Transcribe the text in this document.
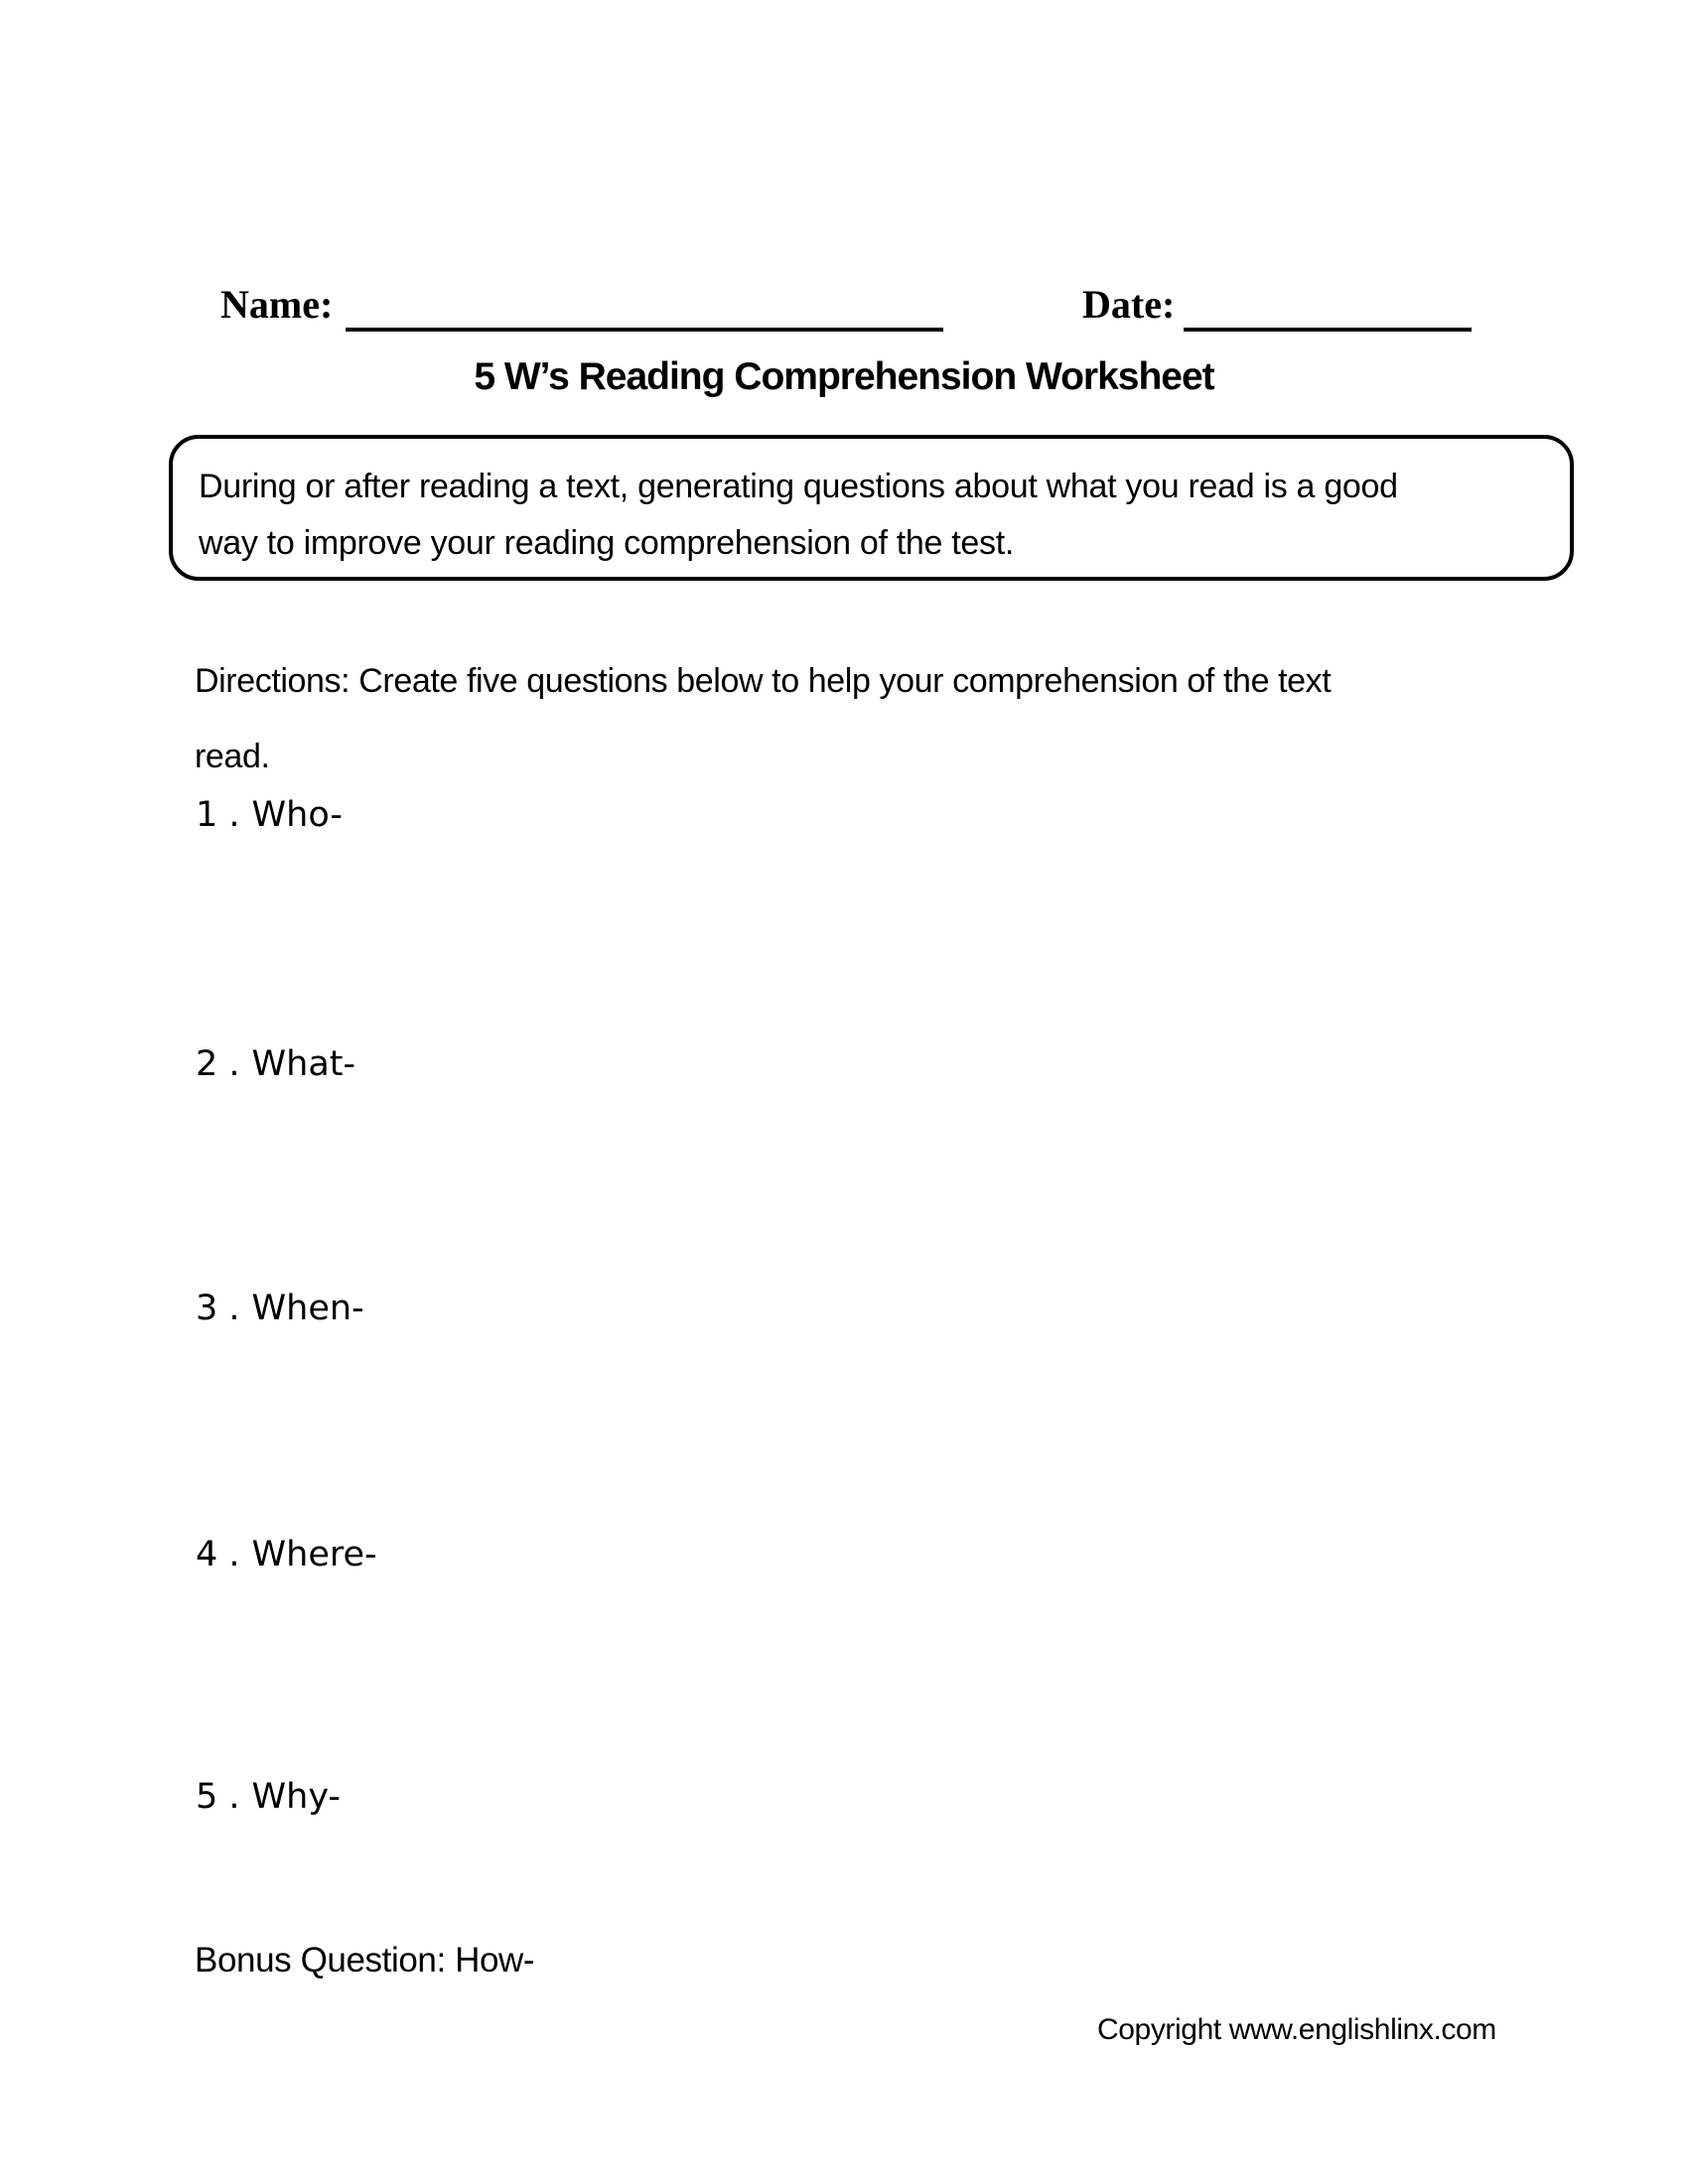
Name:	Date:
5 W’s Reading Comprehension Worksheet
During or after reading a text, generating questions about what you read is a good
way to improve your reading comprehension of the test.
Directions: Create five questions below to help your comprehension of the text
read.
1 . Who-
2 . What-
3 . When-
4 . Where-
5 . Why-
Bonus Question: How-
Copyright www.englishlinx.com
